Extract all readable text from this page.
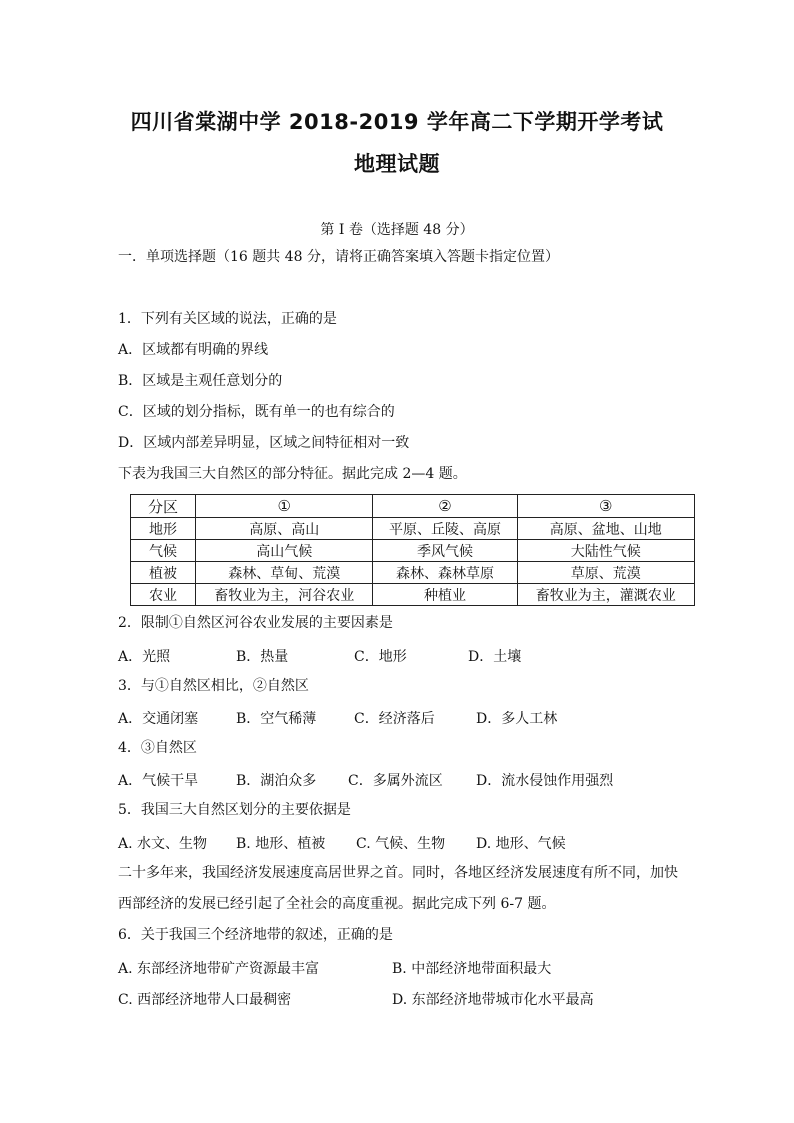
四川省棠湖中学 2018-2019 学年高二下学期开学考试
地理试题
第 I 卷（选择题 48 分）
一．单项选择题（16 题共 48 分，请将正确答案填入答题卡指定位置）
1．下列有关区域的说法，正确的是
A．区域都有明确的界线
B．区域是主观任意划分的
C．区域的划分指标，既有单一的也有综合的
D．区域内部差异明显，区域之间特征相对一致
下表为我国三大自然区的部分特征。据此完成 2—4 题。
分区	①	②	③
地形	高原、高山	平原、丘陵、高原	高原、盆地、山地
气候	高山气候	季风气候	大陆性气候
植被	森林、草甸、荒漠	森林、森林草原	草原、荒漠
农业	畜牧业为主，河谷农业	种植业	畜牧业为主，灌溉农业
2．限制①自然区河谷农业发展的主要因素是
A．光照	B．热量	C．地形	D．土壤
3．与①自然区相比，②自然区
A．交通闭塞	B．空气稀薄	C．经济落后	D．多人工林
4．③自然区
A．气候干旱	B．湖泊众多 C．多属外流区 D．流水侵蚀作用强烈
5．我国三大自然区划分的主要依据是
A. 水文、生物 B. 地形、植被 C. 气候、生物 D. 地形、气候
二十多年来，我国经济发展速度高居世界之首。同时，各地区经济发展速度有所不同，加快
西部经济的发展已经引起了全社会的高度重视。据此完成下列 6-7 题。
6．关于我国三个经济地带的叙述，正确的是
A. 东部经济地带矿产资源最丰富	B. 中部经济地带面积最大
C. 西部经济地带人口最稠密	D. 东部经济地带城市化水平最高
